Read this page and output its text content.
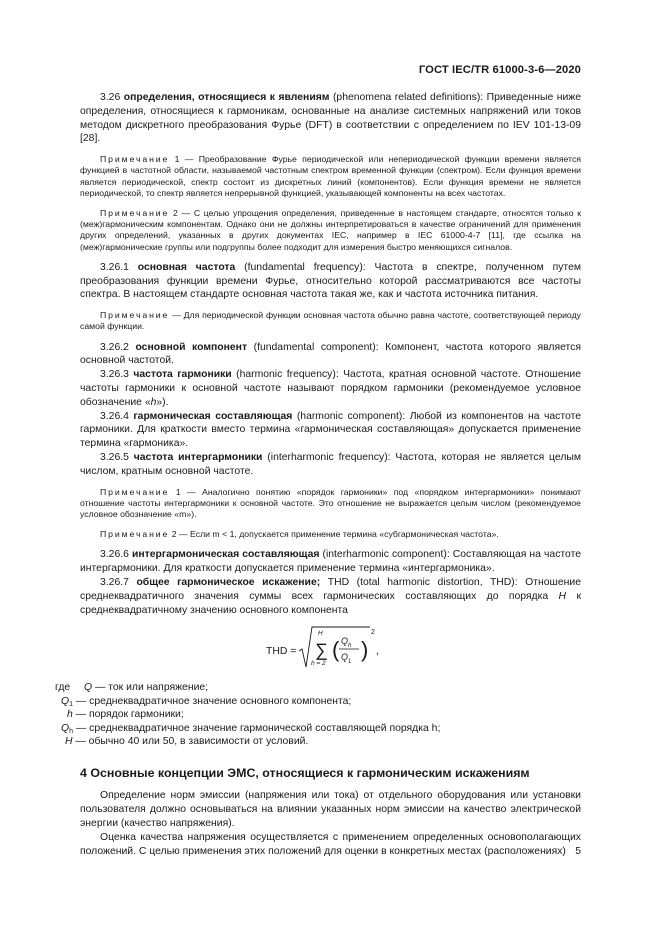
ГОСТ IEC/TR 61000-3-6—2020

3.26 определения, относящиеся к явлениям (phenomena related definitions): Приведенные ниже определения, относящиеся к гармоникам, основанные на анализе системных напряжений или токов методом дискретного преобразования Фурье (DFT) в соответствии с определением по IEV 101-13-09 [28].

Примечание 1 — Преобразование Фурье периодической или непериодической функции времени является функцией в частотной области, называемой частотным спектром временной функции (спектром). Если функция времени является периодической, спектр состоит из дискретных линий (компонентов). Если функция времени не является периодической, то спектр является непрерывной функцией, указывающей компоненты на всех частотах.

Примечание 2 — С целью упрощения определения, приведенные в настоящем стандарте, относятся только к (меж)гармоническим компонентам. Однако они не должны интерпретироваться в качестве ограничений для применения других определений, указанных в других документах IEC, например в IEC 61000-4-7 [11], где ссылка на (меж)гармонические группы или подгруппы более подходит для измерения быстро меняющихся сигналов.

3.26.1 основная частота (fundamental frequency): Частота в спектре, полученном путем преобразования функции времени Фурье, относительно которой рассматриваются все частоты спектра. В настоящем стандарте основная частота такая же, как и частота источника питания.

Примечание — Для периодической функции основная частота обычно равна частоте, соответствующей периоду самой функции.

3.26.2 основной компонент (fundamental component): Компонент, частота которого является основной частотой.

3.26.3 частота гармоники (harmonic frequency): Частота, кратная основной частоте. Отношение частоты гармоники к основной частоте называют порядком гармоники (рекомендуемое условное обозначение «h»).

3.26.4 гармоническая составляющая (harmonic component): Любой из компонентов на частоте гармоники. Для краткости вместо термина «гармоническая составляющая» допускается применение термина «гармоника».

3.26.5 частота интергармоники (interharmonic frequency): Частота, которая не является целым числом, кратным основной частоте.

Примечание 1 — Аналогично понятию «порядок гармоники» под «порядком интергармоники» понимают отношение частоты интергармоники к основной частоте. Это отношение не выражается целым числом (рекомендуемое условное обозначение «m»).

Примечание 2 — Если m < 1, допускается применение термина «субгармоническая частота».

3.26.6 интергармоническая составляющая (interharmonic component): Составляющая на частоте интергармоники. Для краткости допускается применение термина «интергармоника».

3.26.7 общее гармоническое искажение; THD (total harmonic distortion, THD): Отношение среднеквадратичного значения суммы всех гармонических составляющих до порядка H к среднеквадратичному значению основного компонента

THD = ∑
H
h = 2
( )
Q h
Q 1
2
,
где Q — ток или напряжение;
$Q_1$ — среднеквадратичное значение основного компонента;
h — порядок гармоники;
$Q_h$ — среднеквадратичное значение гармонической составляющей порядка h;
H — обычно 40 или 50, в зависимости от условий.
4 Основные концепции ЭМС, относящиеся к гармоническим искажениям

Определение норм эмиссии (напряжения или тока) от отдельного оборудования или установки пользователя должно основываться на влиянии указанных норм эмиссии на качество электрической энергии (качество напряжения).

Оценка качества напряжения осуществляется с применением определенных основополагающих положений. С целью применения этих положений для оценки в конкретных местах (расположениях) 5
